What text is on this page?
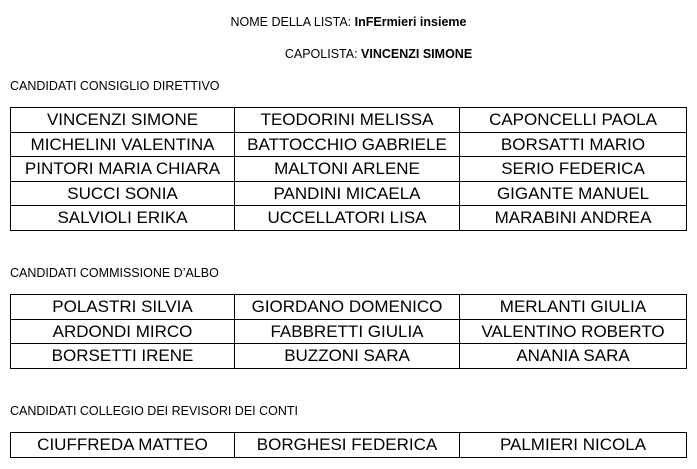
NOME DELLA LISTA: InFErmieri insieme
CAPOLISTA: VINCENZI SIMONE
CANDIDATI CONSIGLIO DIRETTIVO
VINCENZI SIMONE	TEODORINI MELISSA	CAPONCELLI PAOLA
MICHELINI VALENTINA	BATTOCCHIO GABRIELE	BORSATTI MARIO
PINTORI MARIA CHIARA	MALTONI ARLENE	SERIO FEDERICA
SUCCI SONIA	PANDINI MICAELA	GIGANTE MANUEL
SALVIOLI ERIKA	UCCELLATORI LISA	MARABINI ANDREA
CANDIDATI COMMISSIONE D’ALBO
POLASTRI SILVIA	GIORDANO DOMENICO	MERLANTI GIULIA
ARDONDI MIRCO	FABBRETTI GIULIA	VALENTINO ROBERTO
BORSETTI IRENE	BUZZONI SARA	ANANIA SARA
CANDIDATI COLLEGIO DEI REVISORI DEI CONTI
CIUFFREDA MATTEO	BORGHESI FEDERICA	PALMIERI NICOLA
